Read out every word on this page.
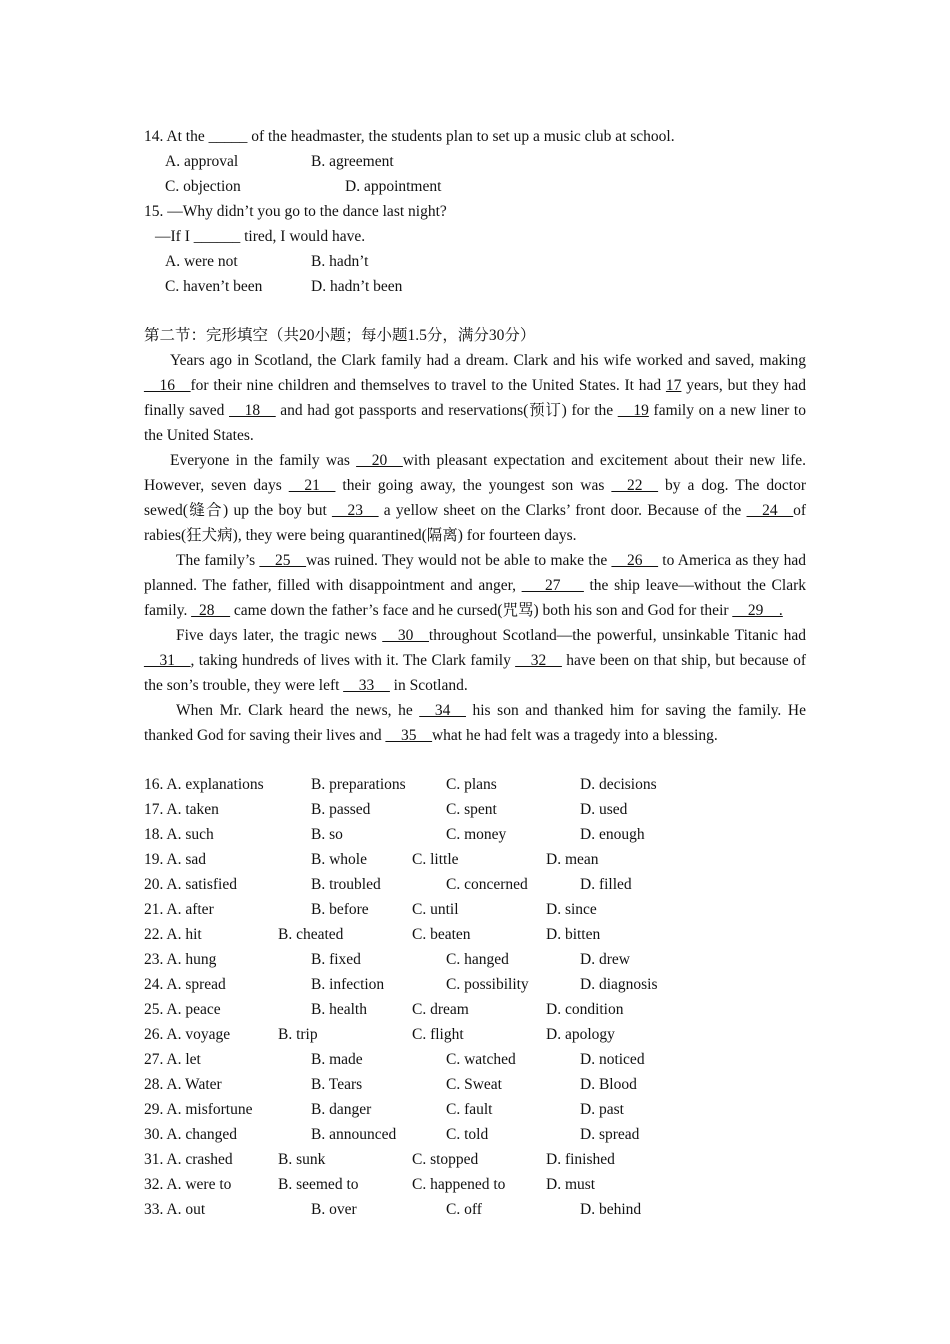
14. At the _____ of the headmaster, the students plan to set up a music club at school.
A. approval	B. agreement
C. objection	D. appointment
15. —Why didn’t you go to the dance last night?
—If I ______ tired, I would have.
A. were not	B. hadn’t
C. haven’t been	D. hadn’t been
第二节：完形填空（共20小题；每小题1.5分，满分30分）
Years ago in Scotland, the Clark family had a dream. Clark and his wife worked and saved, making __16__for their nine children and themselves to travel to the United States. It had 17 years, but they had finally saved __18__ and had got passports and reservations(预订) for the __19 family on a new liner to the United States.
Everyone in the family was __20__with pleasant expectation and excitement about their new life. However, seven days __21__ their going away, the youngest son was __22__ by a dog. The doctor sewed(缝合) up the boy but __23__ a yellow sheet on the Clarks’ front door. Because of the __24__of rabies(狂犬病), they were being quarantined(隔离) for fourteen days.
The family’s __25__was ruined. They would not be able to make the __26__ to America as they had planned. The father, filled with disappointment and anger, ___27___ the ship leave—without the Clark family. _28__ came down the father’s face and he cursed(咒骂) both his son and God for their __29__.
Five days later, the tragic news __30__throughout Scotland—the powerful, unsinkable Titanic had __31__, taking hundreds of lives with it. The Clark family __32__ have been on that ship, but because of the son’s trouble, they were left __33__ in Scotland.
When Mr. Clark heard the news, he __34__ his son and thanked him for saving the family. He thanked God for saving their lives and __35__what he had felt was a tragedy into a blessing.
16. A. explanations	B. preparations	C. plans	D. decisions
17. A. taken	B. passed	C. spent	D. used
18. A. such	B. so	C. money	D. enough
19. A. sad	B. whole	C. little	D. mean
20. A. satisfied	B. troubled	C. concerned	D. filled
21. A. after	B. before	C. until	D. since
22. A. hit	B. cheated	C. beaten	D. bitten
23. A. hung	B. fixed	C. hanged	D. drew
24. A. spread	B. infection	C. possibility	D. diagnosis
25. A. peace	B. health	C. dream	D. condition
26. A. voyage	B. trip	C. flight	D. apology
27. A. let	B. made	C. watched	D. noticed
28. A. Water	B. Tears	C. Sweat	D. Blood
29. A. misfortune	B. danger	C. fault	D. past
30. A. changed	B. announced	C. told	D. spread
31. A. crashed	B. sunk	C. stopped	D. finished
32. A. were to	B. seemed to	C. happened to	D. must
33. A. out	B. over	C. off	D. behind
